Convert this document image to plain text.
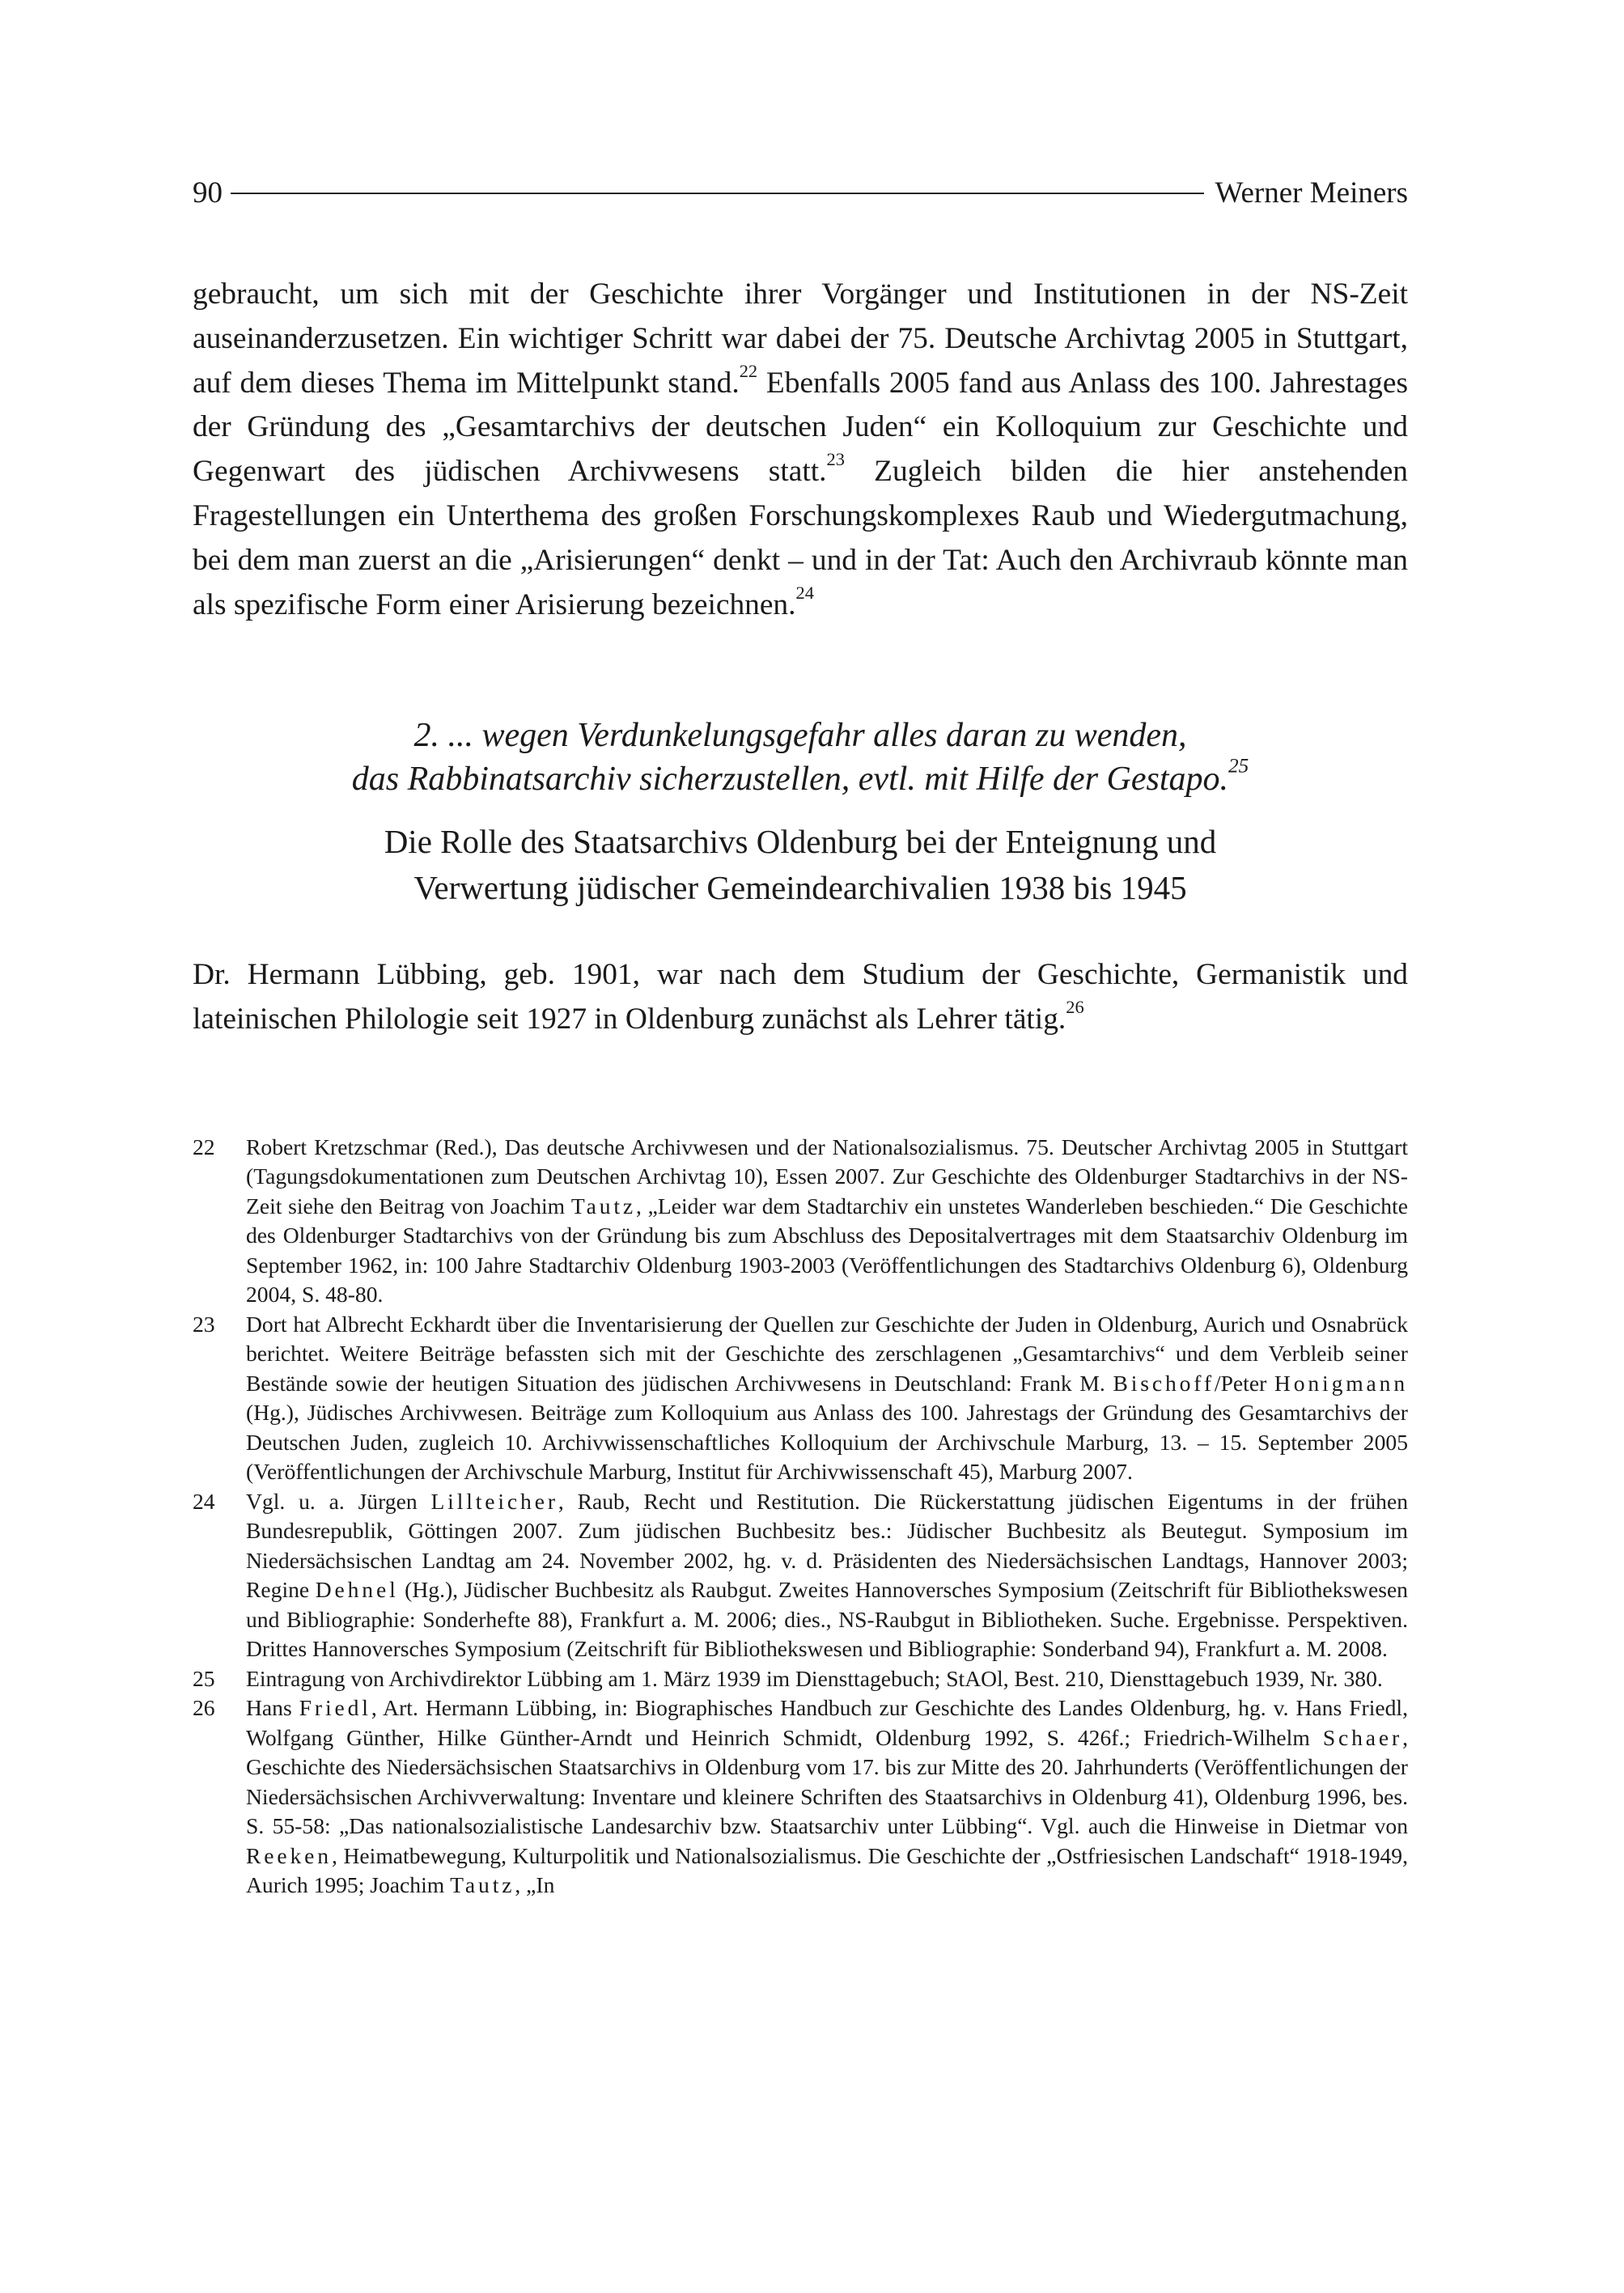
90	Werner Meiners

gebraucht, um sich mit der Geschichte ihrer Vorgänger und Institutionen in der NS-Zeit auseinanderzusetzen. Ein wichtiger Schritt war dabei der 75. Deutsche Archivtag 2005 in Stuttgart, auf dem dieses Thema im Mittelpunkt stand.$^{22}$ Ebenfalls 2005 fand aus Anlass des 100. Jahrestages der Gründung des „Gesamtarchivs der deutschen Juden“ ein Kolloquium zur Geschichte und Gegenwart des jüdischen Archivwesens statt.$^{23}$ Zugleich bilden die hier anstehenden Fragestellungen ein Unterthema des großen Forschungskomplexes Raub und Wiedergutmachung, bei dem man zuerst an die „Arisierungen“ denkt – und in der Tat: Auch den Archivraub könnte man als spezifische Form einer Arisierung bezeichnen.$^{24}$

2. ... wegen Verdunkelungsgefahr alles daran zu wenden,
das Rabbinatsarchiv sicherzustellen, evtl. mit Hilfe der Gestapo.$^{25}$
Die Rolle des Staatsarchivs Oldenburg bei der Enteignung und
Verwertung jüdischer Gemeindearchivalien 1938 bis 1945

Dr. Hermann Lübbing, geb. 1901, war nach dem Studium der Geschichte, Germanistik und lateinischen Philologie seit 1927 in Oldenburg zunächst als Lehrer tätig.$^{26}$

22	Robert Kretzschmar (Red.), Das deutsche Archivwesen und der Nationalsozialismus. 75. Deutscher Archivtag 2005 in Stuttgart (Tagungsdokumentationen zum Deutschen Archivtag 10), Essen 2007. Zur Geschichte des Oldenburger Stadtarchivs in der NS-Zeit siehe den Beitrag von Joachim Tautz, „Leider war dem Stadtarchiv ein unstetes Wanderleben beschieden.“ Die Geschichte des Oldenburger Stadtarchivs von der Gründung bis zum Abschluss des Depositalvertrages mit dem Staatsarchiv Oldenburg im September 1962, in: 100 Jahre Stadtarchiv Oldenburg 1903-2003 (Veröffentlichungen des Stadtarchivs Oldenburg 6), Oldenburg 2004, S. 48-80.
23	Dort hat Albrecht Eckhardt über die Inventarisierung der Quellen zur Geschichte der Juden in Oldenburg, Aurich und Osnabrück berichtet. Weitere Beiträge befassten sich mit der Geschichte des zerschlagenen „Gesamtarchivs“ und dem Verbleib seiner Bestände sowie der heutigen Situation des jüdischen Archivwesens in Deutschland: Frank M. Bischoff/Peter Honigmann (Hg.), Jüdisches Archivwesen. Beiträge zum Kolloquium aus Anlass des 100. Jahrestags der Gründung des Gesamtarchivs der Deutschen Juden, zugleich 10. Archivwissenschaftliches Kolloquium der Archivschule Marburg, 13. – 15. September 2005 (Veröffentlichungen der Archivschule Marburg, Institut für Archivwissenschaft 45), Marburg 2007.
24	Vgl. u. a. Jürgen Lillteicher, Raub, Recht und Restitution. Die Rückerstattung jüdischen Eigentums in der frühen Bundesrepublik, Göttingen 2007. Zum jüdischen Buchbesitz bes.: Jüdischer Buchbesitz als Beutegut. Symposium im Niedersächsischen Landtag am 24. November 2002, hg. v. d. Präsidenten des Niedersächsischen Landtags, Hannover 2003; Regine Dehnel (Hg.), Jüdischer Buchbesitz als Raubgut. Zweites Hannoversches Symposium (Zeitschrift für Bibliothekswesen und Bibliographie: Sonderhefte 88), Frankfurt a. M. 2006; dies., NS-Raubgut in Bibliotheken. Suche. Ergebnisse. Perspektiven. Drittes Hannoversches Symposium (Zeitschrift für Bibliothekswesen und Bibliographie: Sonderband 94), Frankfurt a. M. 2008.
25	Eintragung von Archivdirektor Lübbing am 1. März 1939 im Diensttagebuch; StAOl, Best. 210, Diensttagebuch 1939, Nr. 380.
26	Hans Friedl, Art. Hermann Lübbing, in: Biographisches Handbuch zur Geschichte des Landes Oldenburg, hg. v. Hans Friedl, Wolfgang Günther, Hilke Günther-Arndt und Heinrich Schmidt, Oldenburg 1992, S. 426f.; Friedrich-Wilhelm Schaer, Geschichte des Niedersächsischen Staatsarchivs in Oldenburg vom 17. bis zur Mitte des 20. Jahrhunderts (Veröffentlichungen der Niedersächsischen Archivverwaltung: Inventare und kleinere Schriften des Staatsarchivs in Oldenburg 41), Oldenburg 1996, bes. S. 55-58: „Das nationalsozialistische Landesarchiv bzw. Staatsarchiv unter Lübbing“. Vgl. auch die Hinweise in Dietmar von Reeken, Heimatbewegung, Kulturpolitik und Nationalsozialismus. Die Geschichte der „Ostfriesischen Landschaft“ 1918-1949, Aurich 1995; Joachim Tautz, „In
